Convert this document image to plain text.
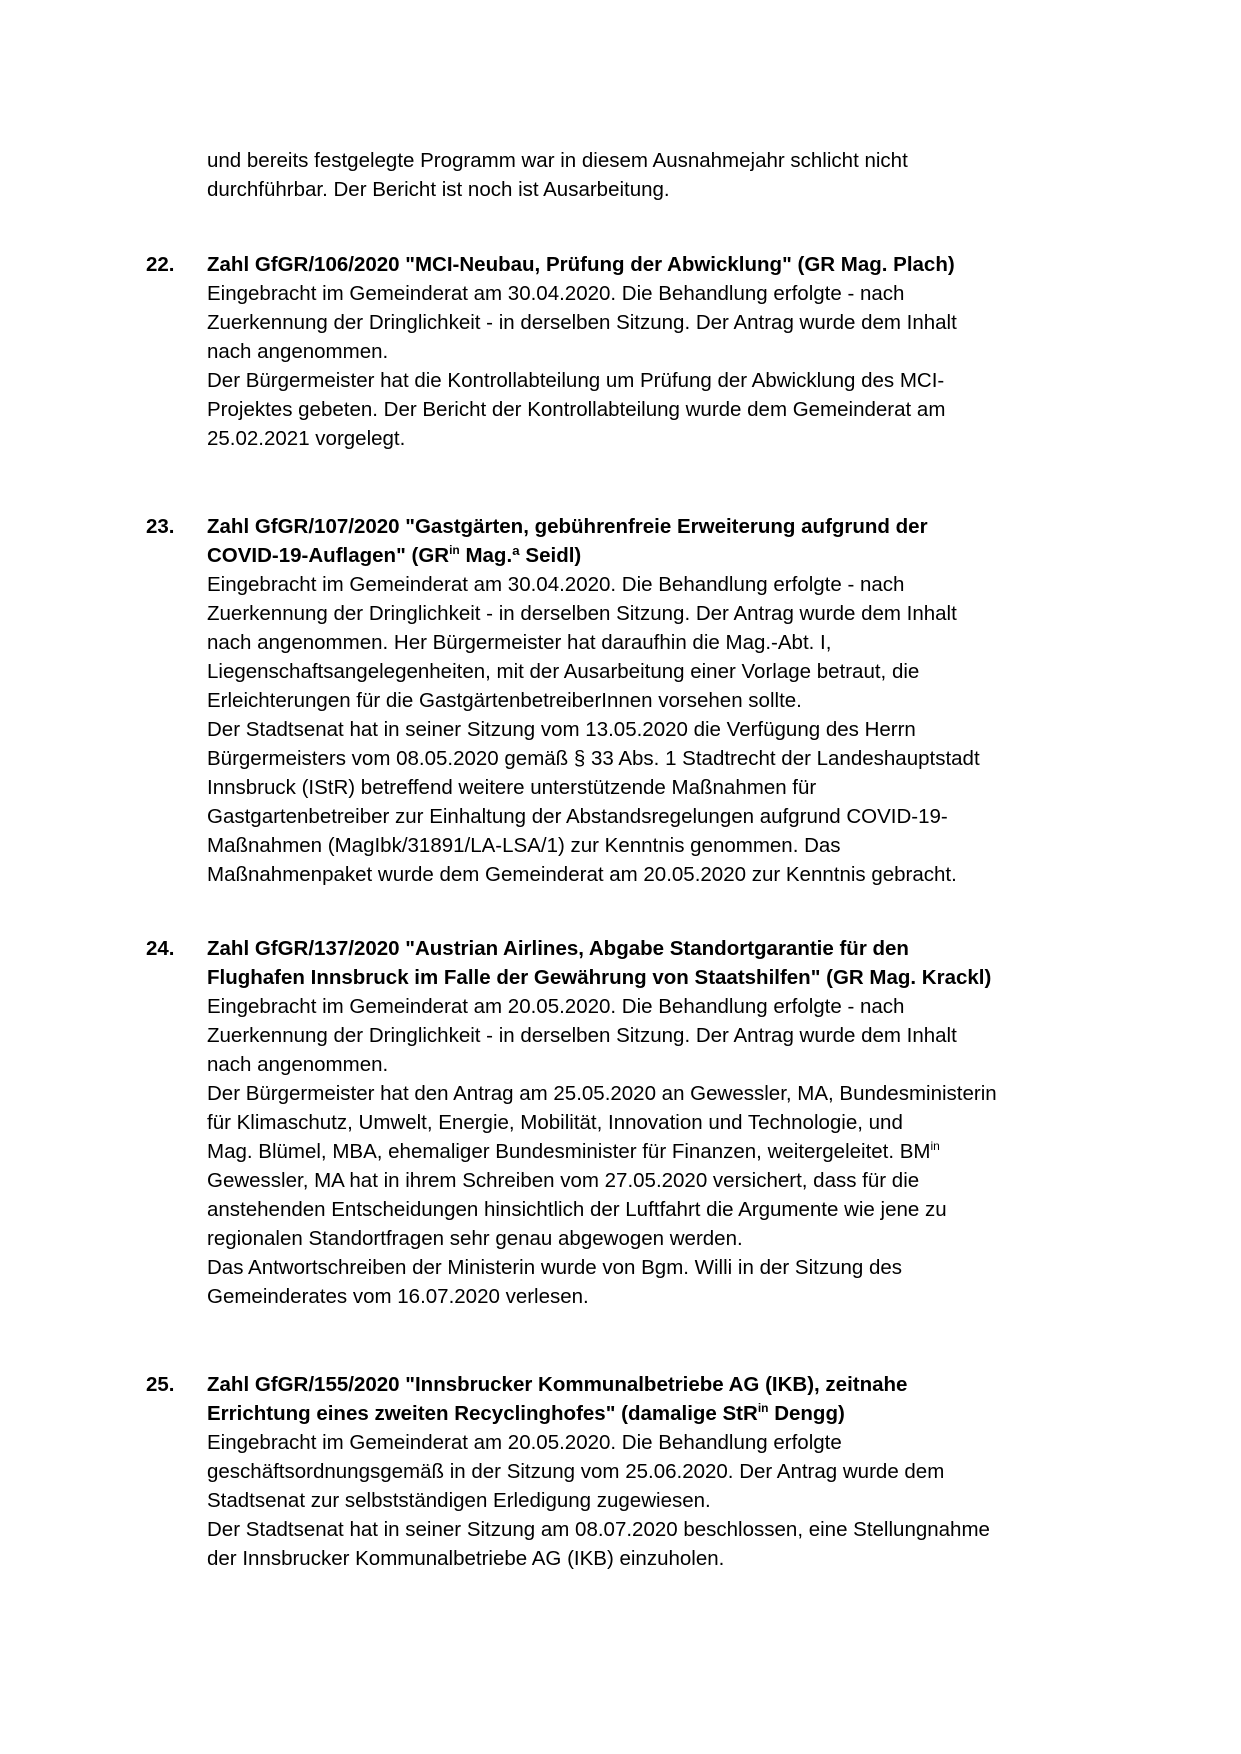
und bereits festgelegte Programm war in diesem Ausnahmejahr schlicht nicht
durchführbar. Der Bericht ist noch ist Ausarbeitung.
22. Zahl GfGR/106/2020 "MCI-Neubau, Prüfung der Abwicklung" (GR Mag. Plach)
Eingebracht im Gemeinderat am 30.04.2020. Die Behandlung erfolgte - nach
Zuerkennung der Dringlichkeit - in derselben Sitzung. Der Antrag wurde dem Inhalt
nach angenommen.
Der Bürgermeister hat die Kontrollabteilung um Prüfung der Abwicklung des MCI-
Projektes gebeten. Der Bericht der Kontrollabteilung wurde dem Gemeinderat am
25.02.2021 vorgelegt.
23. Zahl GfGR/107/2020 "Gastgärten, gebührenfreie Erweiterung aufgrund der
COVID-19-Auflagen" ($GR^{in}$ Mag.ª Seidl)
Eingebracht im Gemeinderat am 30.04.2020. Die Behandlung erfolgte - nach
Zuerkennung der Dringlichkeit - in derselben Sitzung. Der Antrag wurde dem Inhalt
nach angenommen. Her Bürgermeister hat daraufhin die Mag.-Abt. I,
Liegenschaftsangelegenheiten, mit der Ausarbeitung einer Vorlage betraut, die
Erleichterungen für die GastgärtenbetreiberInnen vorsehen sollte.
Der Stadtsenat hat in seiner Sitzung vom 13.05.2020 die Verfügung des Herrn
Bürgermeisters vom 08.05.2020 gemäß § 33 Abs. 1 Stadtrecht der Landeshauptstadt
Innsbruck (IStR) betreffend weitere unterstützende Maßnahmen für
Gastgartenbetreiber zur Einhaltung der Abstandsregelungen aufgrund COVID-19-
Maßnahmen (MagIbk/31891/LA-LSA/1) zur Kenntnis genommen. Das
Maßnahmenpaket wurde dem Gemeinderat am 20.05.2020 zur Kenntnis gebracht.
24. Zahl GfGR/137/2020 "Austrian Airlines, Abgabe Standortgarantie für den
Flughafen Innsbruck im Falle der Gewährung von Staatshilfen" (GR Mag. Krackl)
Eingebracht im Gemeinderat am 20.05.2020. Die Behandlung erfolgte - nach
Zuerkennung der Dringlichkeit - in derselben Sitzung. Der Antrag wurde dem Inhalt
nach angenommen.
Der Bürgermeister hat den Antrag am 25.05.2020 an Gewessler, MA, Bundesministerin
für Klimaschutz, Umwelt, Energie, Mobilität, Innovation und Technologie, und
Mag. Blümel, MBA, ehemaliger Bundesminister für Finanzen, weitergeleitet. $BM^{in}$
Gewessler, MA hat in ihrem Schreiben vom 27.05.2020 versichert, dass für die
anstehenden Entscheidungen hinsichtlich der Luftfahrt die Argumente wie jene zu
regionalen Standortfragen sehr genau abgewogen werden.
Das Antwortschreiben der Ministerin wurde von Bgm. Willi in der Sitzung des
Gemeinderates vom 16.07.2020 verlesen.
25. Zahl GfGR/155/2020 "Innsbrucker Kommunalbetriebe AG (IKB), zeitnahe
Errichtung eines zweiten Recyclinghofes" (damalige StR$^{in}$ Dengg)
Eingebracht im Gemeinderat am 20.05.2020. Die Behandlung erfolgte
geschäftsordnungsgemäß in der Sitzung vom 25.06.2020. Der Antrag wurde dem
Stadtsenat zur selbstständigen Erledigung zugewiesen.
Der Stadtsenat hat in seiner Sitzung am 08.07.2020 beschlossen, eine Stellungnahme
der Innsbrucker Kommunalbetriebe AG (IKB) einzuholen.
